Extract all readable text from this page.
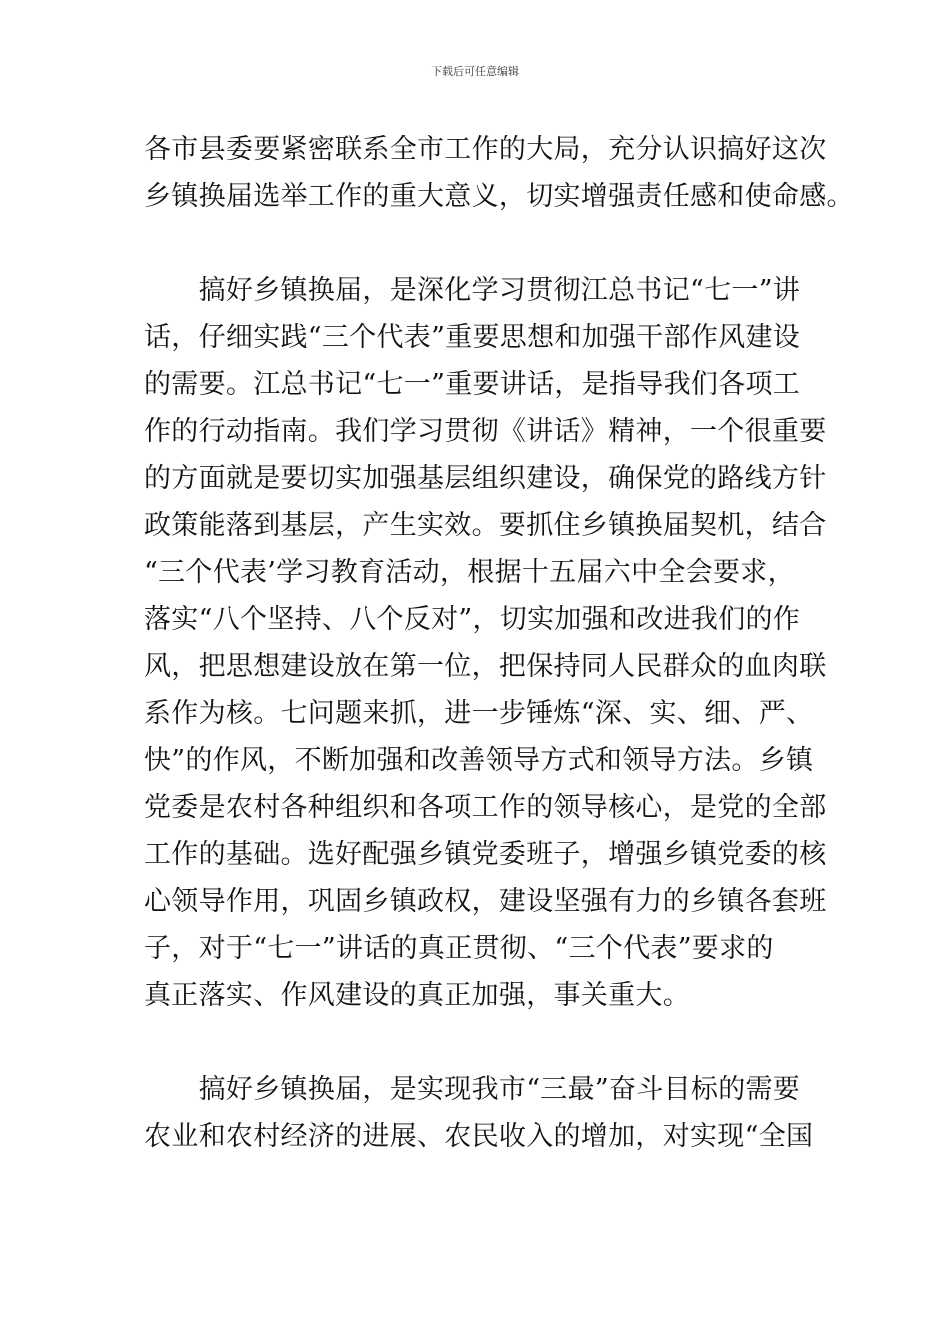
下载后可任意编辑
各市县委要紧密联系全市工作的大局，充分认识搞好这次
乡镇换届选举工作的重大意义，切实增强责任感和使命感。
　　搞好乡镇换届，是深化学习贯彻江总书记“七一”讲
话，仔细实践“三个代表”重要思想和加强干部作风建设
的需要。江总书记“七一”重要讲话，是指导我们各项工
作的行动指南。我们学习贯彻《讲话》精神，一个很重要
的方面就是要切实加强基层组织建设，确保党的路线方针
政策能落到基层，产生实效。要抓住乡镇换届契机，结合
“三个代表’学习教育活动，根据十五届六中全会要求，
落实“八个坚持、八个反对”，切实加强和改进我们的作
风，把思想建设放在第一位，把保持同人民群众的血肉联
系作为核。七问题来抓，进一步锤炼“深、实、细、严、
快”的作风，不断加强和改善领导方式和领导方法。乡镇
党委是农村各种组织和各项工作的领导核心，是党的全部
工作的基础。选好配强乡镇党委班子，增强乡镇党委的核
心领导作用，巩固乡镇政权，建设坚强有力的乡镇各套班
子，对于“七一”讲话的真正贯彻、“三个代表”要求的
真正落实、作风建设的真正加强，事关重大。
　　搞好乡镇换届，是实现我市“三最”奋斗目标的需要
农业和农村经济的进展、农民收入的增加，对实现“全国
